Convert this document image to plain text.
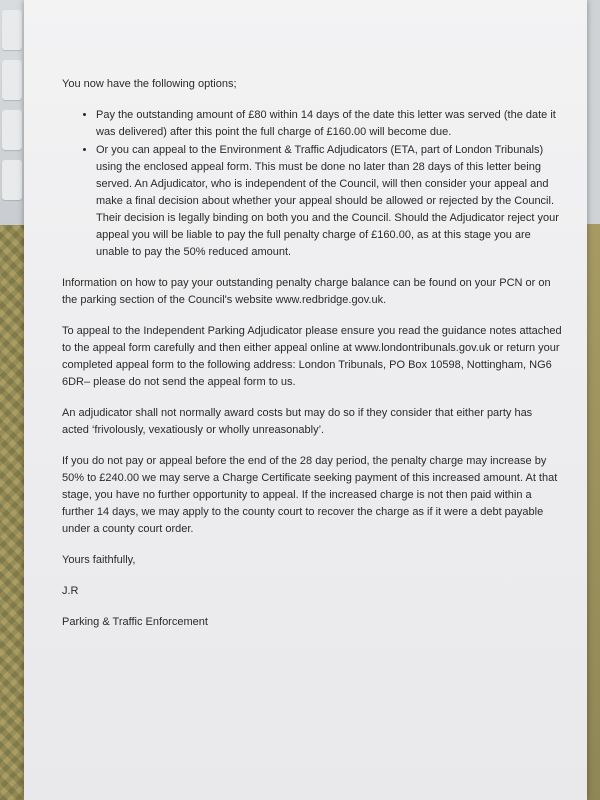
You now have the following options;

• Pay the outstanding amount of £80 within 14 days of the date this letter was served (the date it was delivered) after this point the full charge of £160.00 will become due.
• Or you can appeal to the Environment & Traffic Adjudicators (ETA, part of London Tribunals) using the enclosed appeal form. This must be done no later than 28 days of this letter being served. An Adjudicator, who is independent of the Council, will then consider your appeal and make a final decision about whether your appeal should be allowed or rejected by the Council. Their decision is legally binding on both you and the Council. Should the Adjudicator reject your appeal you will be liable to pay the full penalty charge of £160.00, as at this stage you are unable to pay the 50% reduced amount.

Information on how to pay your outstanding penalty charge balance can be found on your PCN or on the parking section of the Council's website www.redbridge.gov.uk.

To appeal to the Independent Parking Adjudicator please ensure you read the guidance notes attached to the appeal form carefully and then either appeal online at www.londontribunals.gov.uk or return your completed appeal form to the following address: London Tribunals, PO Box 10598, Nottingham, NG6 6DR– please do not send the appeal form to us.

An adjudicator shall not normally award costs but may do so if they consider that either party has acted ‘frivolously, vexatiously or wholly unreasonably’.

If you do not pay or appeal before the end of the 28 day period, the penalty charge may increase by 50% to £240.00 we may serve a Charge Certificate seeking payment of this increased amount. At that stage, you have no further opportunity to appeal. If the increased charge is not then paid within a further 14 days, we may apply to the county court to recover the charge as if it were a debt payable under a county court order.

Yours faithfully,

J.R

Parking & Traffic Enforcement
